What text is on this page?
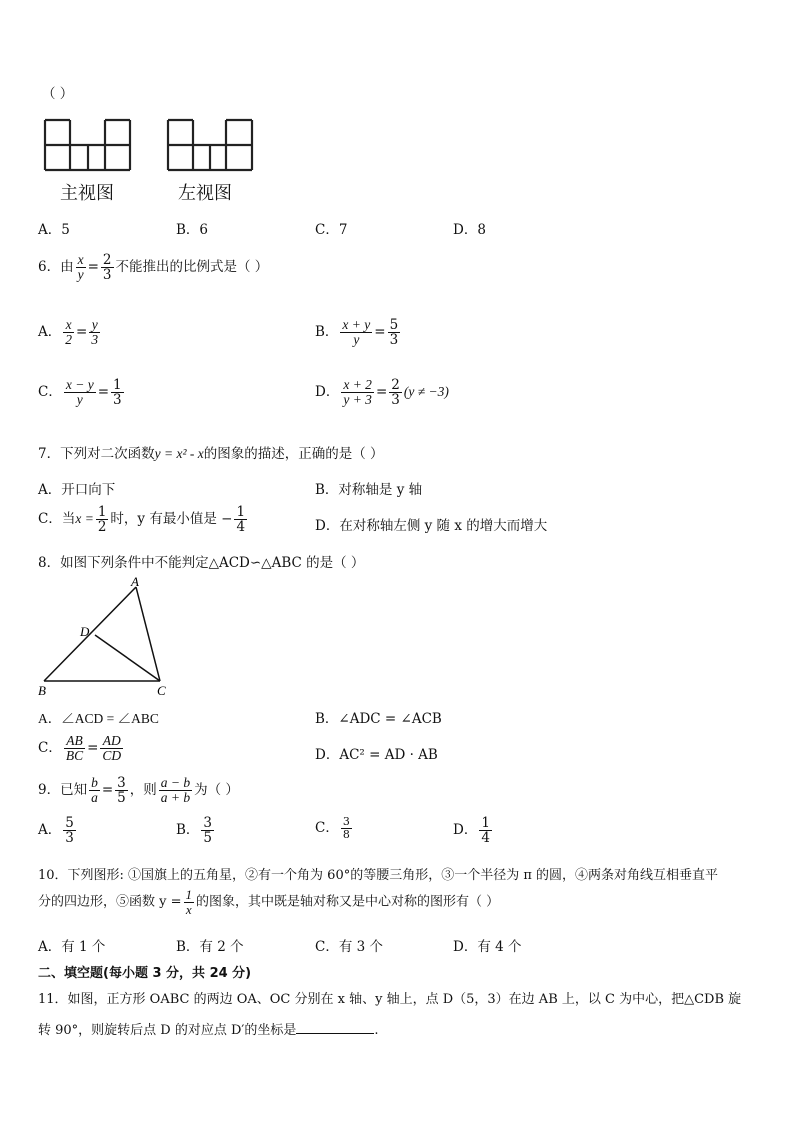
（ ）
主视图	左视图
A．5	B．6	C．7	D．8
6．由 $\frac{x}{y} = \frac{2}{3}$ 不能推出的比例式是（ ）
A． $\frac{x}{2} = \frac{y}{3}$	B． $\frac{x + y}{y} = \frac{5}{3}$
C． $\frac{x - y}{y} = \frac{1}{3}$	D． $\frac{x + 2}{y + 3} = \frac{2}{3} (y \ne -3)$
7．下列对二次函数y = x² - x的图象的描述，正确的是（ ）
A．开口向下	B．对称轴是 y 轴
C．当$x = \frac{1}{2}$ 时，y 有最小值是 − $\frac{1}{4}$	D．在对称轴左侧 y 随 x 的增大而增大
8．如图下列条件中不能判定△ACD∽△ABC 的是（ ）
A
D
B	C
A．∠ACD = ∠ABC	B．∠ADC = ∠ACB
C． $\frac{AB}{BC} = \frac{AD}{CD}$	D．AC² = AD · AB
9．已知 $\frac{b}{a} = \frac{3}{5}$ ，则 $\frac{a - b}{a + b}$ 为（ ）
A． $\frac{5}{3}$	B． $\frac{3}{5}$	C． $\frac{3}{8}$	D． $\frac{1}{4}$
10．下列图形: ①国旗上的五角星，②有一个角为 60°的等腰三角形，③一个半径为 π 的圆，④两条对角线互相垂直平
分的四边形，⑤函数 $y = \frac{1}{x}$ 的图象，其中既是轴对称又是中心对称的图形有（ ）
A．有 1 个	B．有 2 个	C．有 3 个	D．有 4 个
二、填空题(每小题 3 分，共 24 分)
11．如图，正方形 OABC 的两边 OA、OC 分别在 x 轴、y 轴上，点 D（5，3）在边 AB 上，以 C 为中心，把△CDB 旋
转 90°，则旋转后点 D 的对应点 D′的坐标是	.
